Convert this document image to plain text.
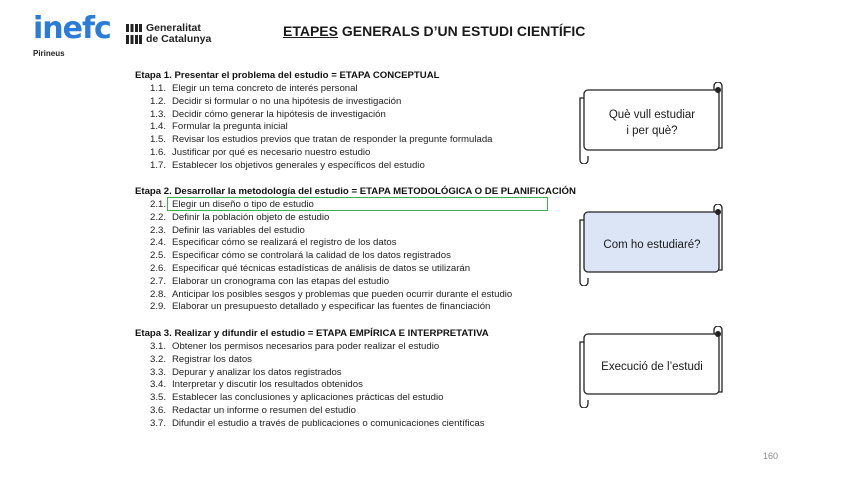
inefc
Pirineus
Generalitat
de Catalunya	ETAPES GENERALS D’UN ESTUDI CIENTÍFIC
Etapa 1. Presentar el problema del estudio = ETAPA CONCEPTUAL
1.1. Elegir un tema concreto de interés personal
1.2. Decidir si formular o no una hipótesis de investigación
1.3. Decidir cómo generar la hipótesis de investigación
1.4. Formular la pregunta inicial
1.5. Revisar los estudios previos que tratan de responder la pregunte formulada
1.6. Justificar por qué es necesario nuestro estudio
1.7. Establecer los objetivos generales y específicos del estudio
Etapa 2. Desarrollar la metodología del estudio = ETAPA METODOLÓGICA O DE PLANIFICACIÓN
2.1. Elegir un diseño o tipo de estudio
2.2. Definir la población objeto de estudio
2.3. Definir las variables del estudio
2.4. Especificar cómo se realizará el registro de los datos
2.5. Especificar cómo se controlará la calidad de los datos registrados
2.6. Especificar qué técnicas estadísticas de análisis de datos se utilizarán
2.7. Elaborar un cronograma con las etapas del estudio
2.8. Anticipar los posibles sesgos y problemas que pueden ocurrir durante el estudio
2.9. Elaborar un presupuesto detallado y especificar las fuentes de financiación
Etapa 3. Realizar y difundir el estudio = ETAPA EMPÍRICA E INTERPRETATIVA
3.1. Obtener los permisos necesarios para poder realizar el estudio
3.2. Registrar los datos
3.3. Depurar y analizar los datos registrados
3.4. Interpretar y discutir los resultados obtenidos
3.5. Establecer las conclusiones y aplicaciones prácticas del estudio
3.6. Redactar un informe o resumen del estudio
3.7. Difundir el estudio a través de publicaciones o comunicaciones científicas
Què vull estudiar
i per què?
Com ho estudiaré?
Execució de l’estudi
160
